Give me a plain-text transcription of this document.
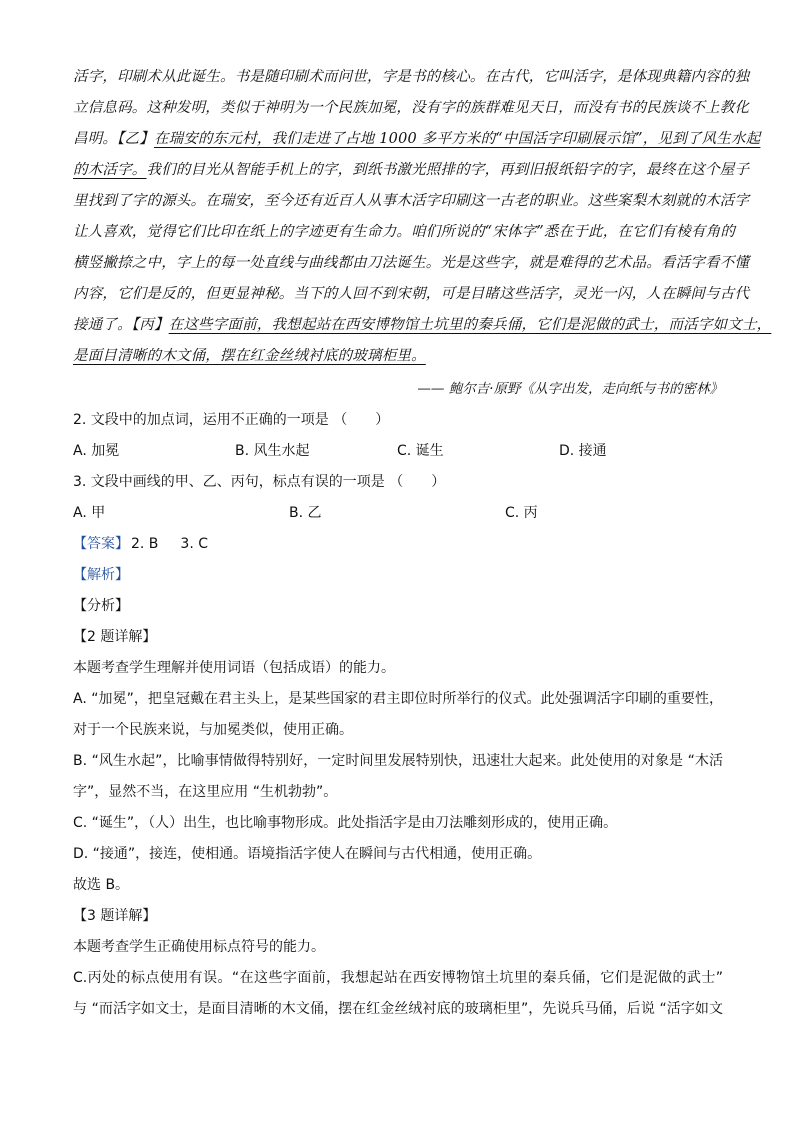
活字，印刷术从此诞生。书是随印刷术而问世，字是书的核心。在古代，它叫活字，是体现典籍内容的独
立信息码。这种发明，类似于神明为一个民族加冕，没有字的族群难见天日，而没有书的民族谈不上教化
昌明。【乙】在瑞安的东元村，我们走进了占地 1000 多平方米的“中国活字印刷展示馆”，见到了风生水起
的木活字。我们的目光从智能手机上的字，到纸书激光照排的字，再到旧报纸铅字的字，最终在这个屋子
里找到了字的源头。在瑞安，至今还有近百人从事木活字印刷这一古老的职业。这些案梨木刻就的木活字
让人喜欢，觉得它们比印在纸上的字迹更有生命力。咱们所说的“宋体字”悉在于此，在它们有棱有角的
横竖撇捺之中，字上的每一处直线与曲线都由刀法诞生。光是这些字，就是难得的艺术品。看活字看不懂
内容，它们是反的，但更显神秘。当下的人回不到宋朝，可是目睹这些活字，灵光一闪，人在瞬间与古代
接通了。【丙】在这些字面前，我想起站在西安博物馆土坑里的秦兵俑，它们是泥做的武士，而活字如文士，
是面目清晰的木文俑，摆在红金丝绒衬底的玻璃柜里。
—— 鲍尔吉·原野《从字出发，走向纸与书的密林》
2. 文段中的加点词，运用不正确的一项是 （　　）
A. 加冕	B. 风生水起	C. 诞生	D. 接通
3. 文段中画线的甲、乙、丙句，标点有误的一项是 （　　）
A. 甲	B. 乙	C. 丙
【答案】 2. B 3. C
【解析】
【分析】
【2 题详解】
本题考查学生理解并使用词语（包括成语）的能力。
A. “加冕”，把皇冠戴在君主头上，是某些国家的君主即位时所举行的仪式。此处强调活字印刷的重要性，
对于一个民族来说，与加冕类似，使用正确。
B. “风生水起”，比喻事情做得特别好，一定时间里发展特别快，迅速壮大起来。此处使用的对象是 “木活
字”，显然不当，在这里应用 “生机勃勃”。
C. “诞生”，（人）出生，也比喻事物形成。此处指活字是由刀法雕刻形成的，使用正确。
D. “接通”，接连，使相通。语境指活字使人在瞬间与古代相通，使用正确。
故选 B。
【3 题详解】
本题考查学生正确使用标点符号的能力。
C.丙处的标点使用有误。“在这些字面前，我想起站在西安博物馆土坑里的秦兵俑，它们是泥做的武士”
与 “而活字如文士，是面目清晰的木文俑，摆在红金丝绒衬底的玻璃柜里”，先说兵马俑，后说 “活字如文
